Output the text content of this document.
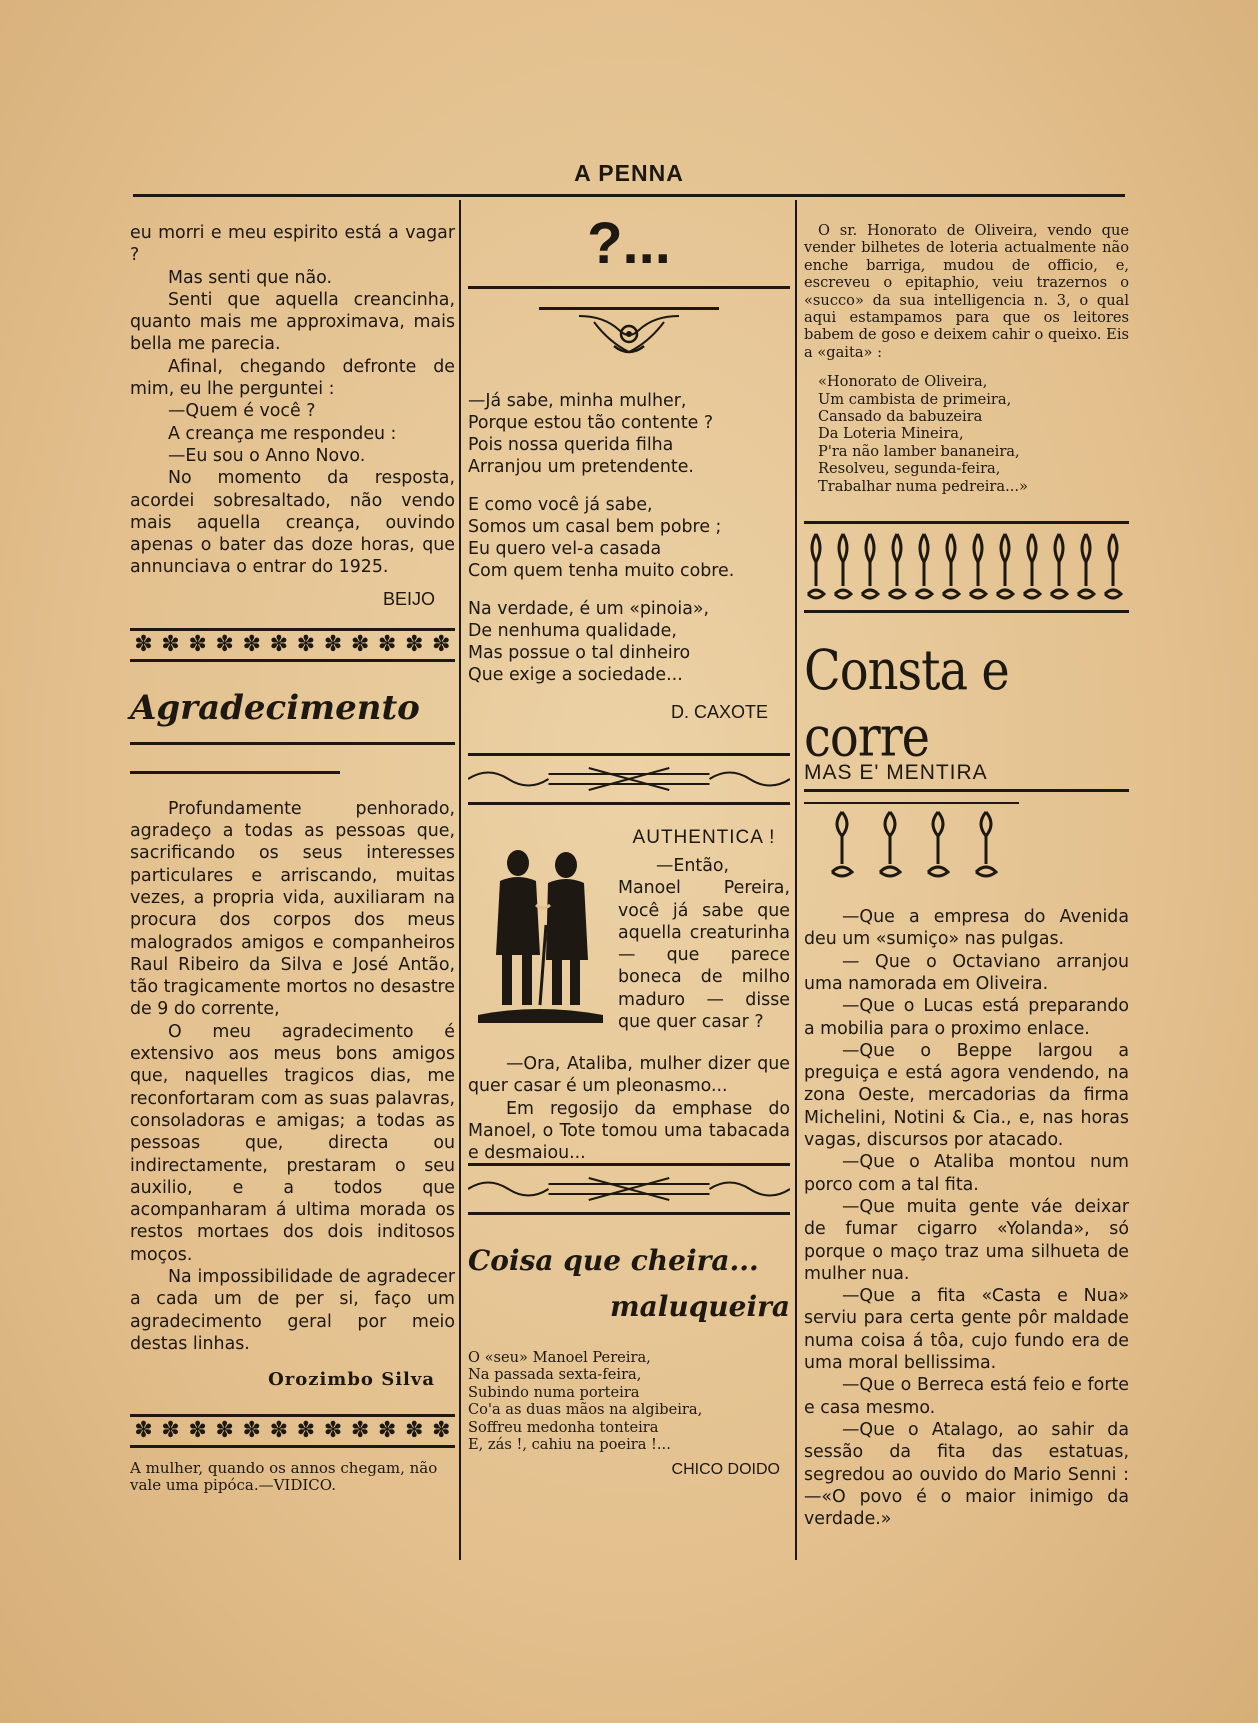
A PENNA

eu morri e meu espirito está a vagar ?

Mas senti que não.

Senti que aquella creancinha, quanto mais me approximava, mais bella me parecia.

Afinal, chegando defronte de mim, eu lhe perguntei :

—Quem é você ?

A creança me respondeu :

—Eu sou o Anno Novo.

No momento da resposta, acordei sobresaltado, não vendo mais aquella creança, ouvindo apenas o bater das doze horas, que annunciava o entrar do 1925.

BEIJO
✽ ✽ ✽ ✽ ✽ ✽ ✽ ✽ ✽ ✽ ✽ ✽
Agradecimento

Profundamente penhorado, agradeço a todas as pessoas que, sacrificando os seus interesses particulares e arriscando, muitas vezes, a propria vida, auxiliaram na procura dos corpos dos meus malogrados amigos e companheiros Raul Ribeiro da Silva e José Antão, tão tragicamente mortos no desastre de 9 do corrente,

O meu agradecimento é extensivo aos meus bons amigos que, naquelles tragicos dias, me reconfortaram com as suas palavras, consoladoras e amigas; a todas as pessoas que, directa ou indirectamente, prestaram o seu auxilio, e a todos que acompanharam á ultima morada os restos mortaes dos dois inditosos moços.

Na impossibilidade de agradecer a cada um de per si, faço um agradecimento geral por meio destas linhas.

Orozimbo Silva
✽ ✽ ✽ ✽ ✽ ✽ ✽ ✽ ✽ ✽ ✽ ✽
A mulher, quando os annos chegam, não vale uma pipóca.—VIDICO.
?...
—Já sabe, minha mulher,
Porque estou tão contente ?
Pois nossa querida filha
Arranjou um pretendente.
E como você já sabe,
Somos um casal bem pobre ;
Eu quero vel-a casada
Com quem tenha muito cobre.
Na verdade, é um «pinoia»,
De nenhuma qualidade,
Mas possue o tal dinheiro
Que exige a sociedade...
D. CAXOTE
AUTHENTICA !

—Então, Manoel Pereira, você já sabe que aquella creaturinha — que parece boneca de milho maduro — disse que quer casar ?

—Ora, Ataliba, mulher dizer que quer casar é um pleonasmo...

Em regosijo da emphase do Manoel, o Tote tomou uma tabacada e desmaiou...

Coisa que cheira...
maluqueira
O «seu» Manoel Pereira,
Na passada sexta-feira,
Subindo numa porteira
Co'a as duas mãos na algibeira,
Soffreu medonha tonteira
E, zás !, cahiu na poeira !...
CHICO DOIDO
O sr. Honorato de Oliveira, vendo que vender bilhetes de loteria actualmente não enche barriga, mudou de officio, e, escreveu o epitaphio, veiu trazernos o «succo» da sua intelligencia n. 3, o qual aqui estampamos para que os leitores babem de goso e deixem cahir o queixo. Eis a «gaita» :
«Honorato de Oliveira,
Um cambista de primeira,
Cansado da babuzeira
Da Loteria Mineira,
P'ra não lamber bananeira,
Resolveu, segunda-feira,
Trabalhar numa pedreira...»
Consta e corre
MAS E' MENTIRA

—Que a empresa do Avenida deu um «sumiço» nas pulgas.

— Que o Octaviano arranjou uma namorada em Oliveira.

—Que o Lucas está preparando a mobilia para o proximo enlace.

—Que o Beppe largou a preguiça e está agora vendendo, na zona Oeste, mercadorias da firma Michelini, Notini & Cia., e, nas horas vagas, discursos por atacado.

—Que o Ataliba montou num porco com a tal fita.

—Que muita gente váe deixar de fumar cigarro «Yolanda», só porque o maço traz uma silhueta de mulher nua.

—Que a fita «Casta e Nua» serviu para certa gente pôr maldade numa coisa á tôa, cujo fundo era de uma moral bellissima.

—Que o Berreca está feio e forte e casa mesmo.

—Que o Atalago, ao sahir da sessão da fita das estatuas, segredou ao ouvido do Mario Senni :—«O povo é o maior inimigo da verdade.»
